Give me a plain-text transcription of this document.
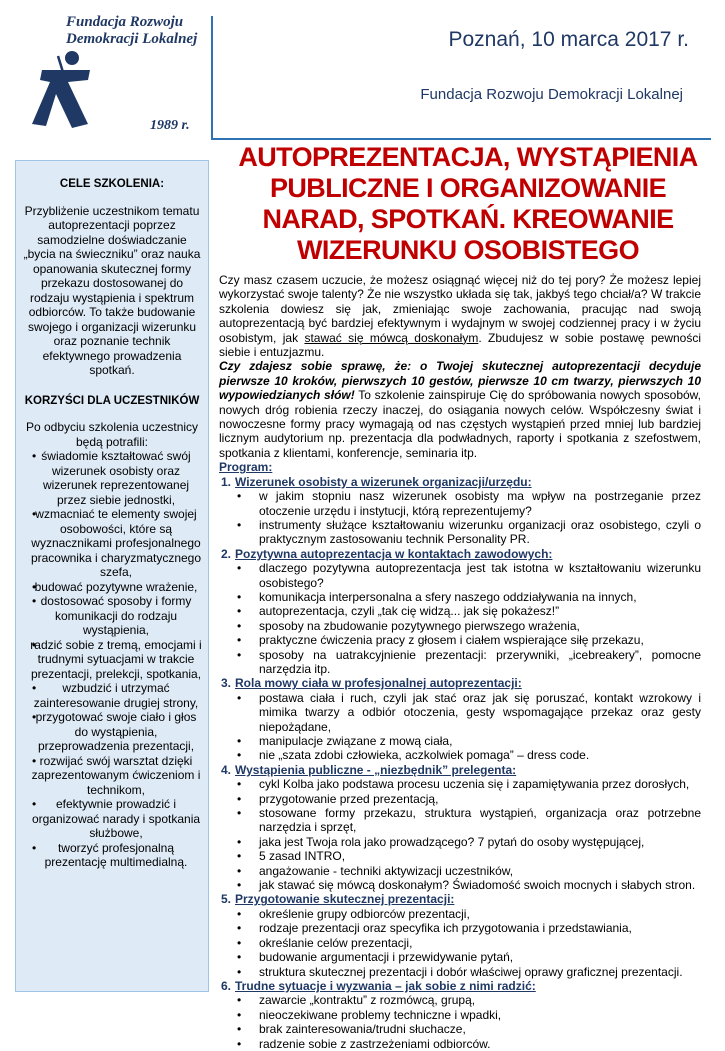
Fundacja Rozwoju Demokracji Lokalnej
1989 r.
Poznań, 10 marca 2017 r.
Fundacja Rozwoju Demokracji Lokalnej
AUTOPREZENTACJA, WYSTĄPIENIA PUBLICZNE I ORGANIZOWANIE NARAD, SPOTKAŃ. KREOWANIE WIZERUNKU OSOBISTEGO
CELE SZKOLENIA:

Przybliżenie uczestnikom tematu autoprezentacji poprzez samodzielne doświadczanie „bycia na świeczniku” oraz nauka opanowania skutecznej formy przekazu dostosowanej do rodzaju wystąpienia i spektrum odbiorców. To także budowanie swojego i organizacji wizerunku oraz poznanie technik efektywnego prowadzenia spotkań.

KORZYŚCI DLA UCZESTNIKÓW

Po odbyciu szkolenia uczestnicy będą potrafili:

• świadomie kształtować swój wizerunek osobisty oraz wizerunek reprezentowanej przez siebie jednostki,
• wzmacniać te elementy swojej osobowości, które są wyznacznikami profesjonalnego pracownika i charyzmatycznego szefa,
• budować pozytywne wrażenie,
• dostosować sposoby i formy komunikacji do rodzaju wystąpienia,
• radzić sobie z tremą, emocjami i trudnymi sytuacjami w trakcie prezentacji, prelekcji, spotkania,
• wzbudzić i utrzymać zainteresowanie drugiej strony,
• przygotować swoje ciało i głos do wystąpienia, przeprowadzenia prezentacji,
• rozwijać swój warsztat dzięki zaprezentowanym ćwiczeniom i technikom,
• efektywnie prowadzić i organizować narady i spotkania służbowe,
• tworzyć profesjonalną prezentację multimedialną.

Czy masz czasem uczucie, że możesz osiągnąć więcej niż do tej pory? Że możesz lepiej wykorzystać swoje talenty? Że nie wszystko układa się tak, jakbyś tego chciał/a? W trakcie szkolenia dowiesz się jak, zmieniając swoje zachowania, pracując nad swoją autoprezentacją być bardziej efektywnym i wydajnym w swojej codziennej pracy i w życiu osobistym, jak stawać się mówcą doskonałym. Zbudujesz w sobie postawę pewności siebie i entuzjazmu.

Czy zdajesz sobie sprawę, że: o Twojej skutecznej autoprezentacji decyduje pierwsze 10 kroków, pierwszych 10 gestów, pierwsze 10 cm twarzy, pierwszych 10 wypowiedzianych słów! To szkolenie zainspiruje Cię do spróbowania nowych sposobów, nowych dróg robienia rzeczy inaczej, do osiągania nowych celów. Współczesny świat i nowoczesne formy pracy wymagają od nas częstych wystąpień przed mniej lub bardziej licznym audytorium np. prezentacja dla podwładnych, raporty i spotkania z szefostwem, spotkania z klientami, konferencje, seminaria itp.

Program:
1. Wizerunek osobisty a wizerunek organizacji/urzędu:
• w jakim stopniu nasz wizerunek osobisty ma wpływ na postrzeganie przez otoczenie urzędu i instytucji, którą reprezentujemy?
• instrumenty służące kształtowaniu wizerunku organizacji oraz osobistego, czyli o praktycznym zastosowaniu technik Personality PR.
2. Pozytywna autoprezentacja w kontaktach zawodowych:
• dlaczego pozytywna autoprezentacja jest tak istotna w kształtowaniu wizerunku osobistego?
• komunikacja interpersonalna a sfery naszego oddziaływania na innych,
• autoprezentacja, czyli „tak cię widzą... jak się pokażesz!”
• sposoby na zbudowanie pozytywnego pierwszego wrażenia,
• praktyczne ćwiczenia pracy z głosem i ciałem wspierające siłę przekazu,
• sposoby na uatrakcyjnienie prezentacji: przerywniki, „icebreakery”, pomocne narzędzia itp.
3. Rola mowy ciała w profesjonalnej autoprezentacji:
• postawa ciała i ruch, czyli jak stać oraz jak się poruszać, kontakt wzrokowy i mimika twarzy a odbiór otoczenia, gesty wspomagające przekaz oraz gesty niepożądane,
• manipulacje związane z mową ciała,
• nie „szata zdobi człowieka, aczkolwiek pomaga” – dress code.
4. Wystąpienia publiczne - „niezbędnik” prelegenta:
• cykl Kolba jako podstawa procesu uczenia się i zapamiętywania przez dorosłych,
• przygotowanie przed prezentacją,
• stosowane formy przekazu, struktura wystąpień, organizacja oraz potrzebne narzędzia i sprzęt,
• jaka jest Twoja rola jako prowadzącego? 7 pytań do osoby występującej,
• 5 zasad INTRO,
• angażowanie - techniki aktywizacji uczestników,
• jak stawać się mówcą doskonałym? Świadomość swoich mocnych i słabych stron.
5. Przygotowanie skutecznej prezentacji:
• określenie grupy odbiorców prezentacji,
• rodzaje prezentacji oraz specyfika ich przygotowania i przedstawiania,
• określanie celów prezentacji,
• budowanie argumentacji i przewidywanie pytań,
• struktura skutecznej prezentacji i dobór właściwej oprawy graficznej prezentacji.
6. Trudne sytuacje i wyzwania – jak sobie z nimi radzić:
• zawarcie „kontraktu” z rozmówcą, grupą,
• nieoczekiwane problemy techniczne i wpadki,
• brak zainteresowania/trudni słuchacze,
• radzenie sobie z zastrzeżeniami odbiorców.
